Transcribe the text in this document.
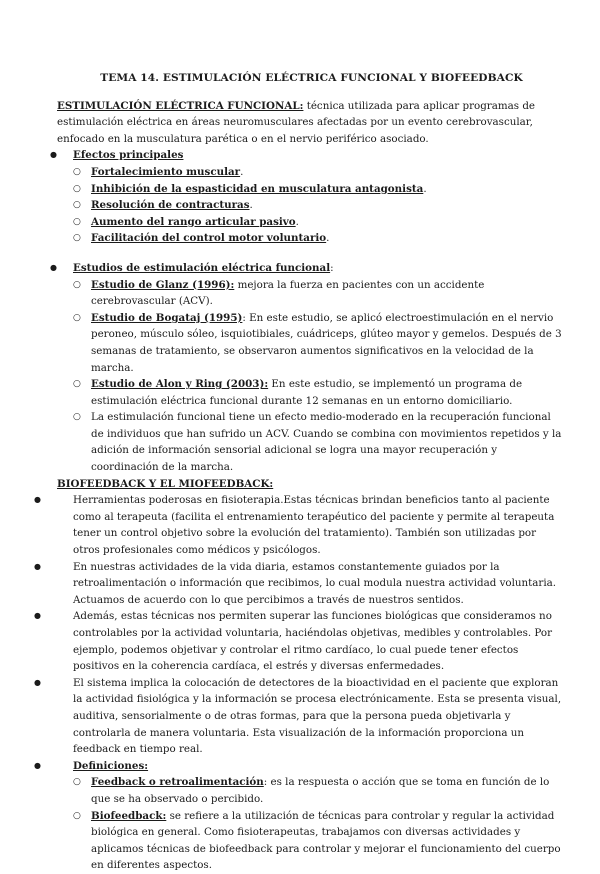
TEMA 14. ESTIMULACIÓN ELÉCTRICA FUNCIONAL Y BIOFEEDBACK

ESTIMULACIÓN ELÉCTRICA FUNCIONAL: técnica utilizada para aplicar programas de estimulación eléctrica en áreas neuromusculares afectadas por un evento cerebrovascular, enfocado en la musculatura parética o en el nervio periférico asociado.

● Efectos principales
○ Fortalecimiento muscular.
○ Inhibición de la espasticidad en musculatura antagonista.
○ Resolución de contracturas.
○ Aumento del rango articular pasivo.
○ Facilitación del control motor voluntario.
● Estudios de estimulación eléctrica funcional:
○ Estudio de Glanz (1996): mejora la fuerza en pacientes con un accidente cerebrovascular (ACV).
○ Estudio de Bogataj (1995): En este estudio, se aplicó electroestimulación en el nervio peroneo, músculo sóleo, isquiotibiales, cuádriceps, glúteo mayor y gemelos. Después de 3 semanas de tratamiento, se observaron aumentos significativos en la velocidad de la marcha.
○ Estudio de Alon y Ring (2003): En este estudio, se implementó un programa de estimulación eléctrica funcional durante 12 semanas en un entorno domiciliario.
○ La estimulación funcional tiene un efecto medio-moderado en la recuperación funcional de individuos que han sufrido un ACV. Cuando se combina con movimientos repetidos y la adición de información sensorial adicional se logra una mayor recuperación y coordinación de la marcha.

BIOFEEDBACK Y EL MIOFEEDBACK:

● Herramientas poderosas en fisioterapia.Estas técnicas brindan beneficios tanto al paciente como al terapeuta (facilita el entrenamiento terapéutico del paciente y permite al terapeuta tener un control objetivo sobre la evolución del tratamiento). También son utilizadas por otros profesionales como médicos y psicólogos.
● En nuestras actividades de la vida diaria, estamos constantemente guiados por la retroalimentación o información que recibimos, lo cual modula nuestra actividad voluntaria. Actuamos de acuerdo con lo que percibimos a través de nuestros sentidos.
● Además, estas técnicas nos permiten superar las funciones biológicas que consideramos no controlables por la actividad voluntaria, haciéndolas objetivas, medibles y controlables. Por ejemplo, podemos objetivar y controlar el ritmo cardíaco, lo cual puede tener efectos positivos en la coherencia cardíaca, el estrés y diversas enfermedades.
● El sistema implica la colocación de detectores de la bioactividad en el paciente que exploran la actividad fisiológica y la información se procesa electrónicamente. Esta se presenta visual, auditiva, sensorialmente o de otras formas, para que la persona pueda objetivarla y controlarla de manera voluntaria. Esta visualización de la información proporciona un feedback en tiempo real.
● Definiciones:
○ Feedback o retroalimentación: es la respuesta o acción que se toma en función de lo que se ha observado o percibido.
○ Biofeedback: se refiere a la utilización de técnicas para controlar y regular la actividad biológica en general. Como fisioterapeutas, trabajamos con diversas actividades y aplicamos técnicas de biofeedback para controlar y mejorar el funcionamiento del cuerpo en diferentes aspectos.
